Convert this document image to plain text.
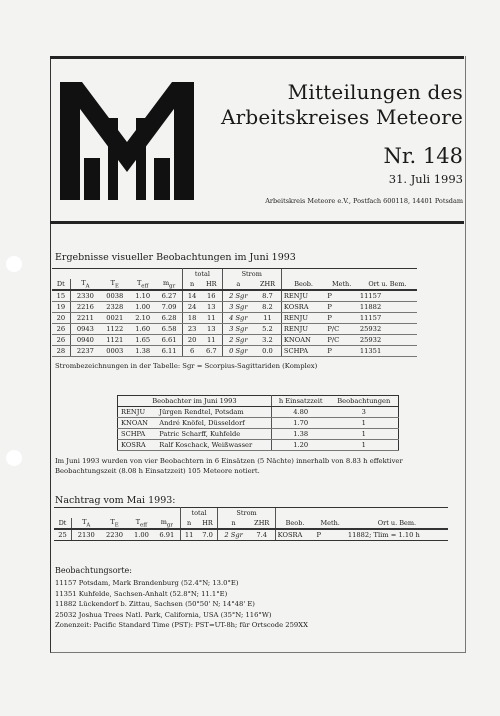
Mitteilungen des
Arbeitskreises Meteore
Nr. 148
31. Juli 1993
Arbeitskreis Meteore e.V., Postfach 600118, 14401 Potsdam
Ergebnisse visueller Beobachtungen im Juni 1993
					total		Strom				
Dt	$T_A$	$T_E$	$T_{eff}$	$m_{gr}$	n	HR	a	ZHR	Beob.	Meth.	Ort u. Bem.
15	2330	0038	1.10	6.27	14	16	2 Sgr	8.7	RENJU	P	11157
19	2216	2328	1.00	7.09	24	13	3 Sgr	8.2	KOSRA	P	11882
20	2211	0021	2.10	6.28	18	11	4 Sgr	11	RENJU	P	11157
26	0943	1122	1.60	6.58	23	13	3 Sgr	5.2	RENJU	P/C	25932
26	0940	1121	1.65	6.61	20	11	2 Sgr	3.2	KNOAN	P/C	25932
28	2237	0003	1.38	6.11	6	6.7	0 Sgr	0.0	SCHPA	P	11351
Strombezeichnungen in der Tabelle: Sgr = Scorpius-Sagittariden (Komplex)
Beobachter im Juni 1993		h Einsatzzeit	Beobachtungen
RENJU	Jürgen Rendtel, Potsdam	4.80	3
KNOAN	André Knöfel, Düsseldorf	1.70	1
SCHPA	Patric Scharff, Kuhfelde	1.38	1
KOSRA	Ralf Koschack, Weißwasser	1.20	1
Im Juni 1993 wurden von vier Beobachtern in 6 Einsätzen (5 Nächte) innerhalb von 8.83 h effektiver Beobachtungszeit (8.08 h Einsatzzeit) 105 Meteore notiert.
Nachtrag vom Mai 1993:
					total		Strom				
Dt	$T_A$	$T_E$	$T_{eff}$	$m_{gr}$	n	HR	n	ZHR	Beob.	Meth.	Ort u. Bem.
25	2130	2230	1.00	6.91	11	7.0	2 Sgr	7.4	KOSRA	P	11882; Tlim = 1.10 h
Beobachtungsorte:
11157 Potsdam, Mark Brandenburg (52.4°N; 13.0°E)
11351 Kuhfelde, Sachsen-Anhalt (52.8°N; 11.1°E)
11882 Lückendorf b. Zittau, Sachsen (50°50' N; 14°48' E)
25032 Joshua Trees Natl. Park, California, USA (35°N; 116°W)
Zonenzeit: Pacific Standard Time (PST): PST=UT-8h; für Ortscode 259XX
